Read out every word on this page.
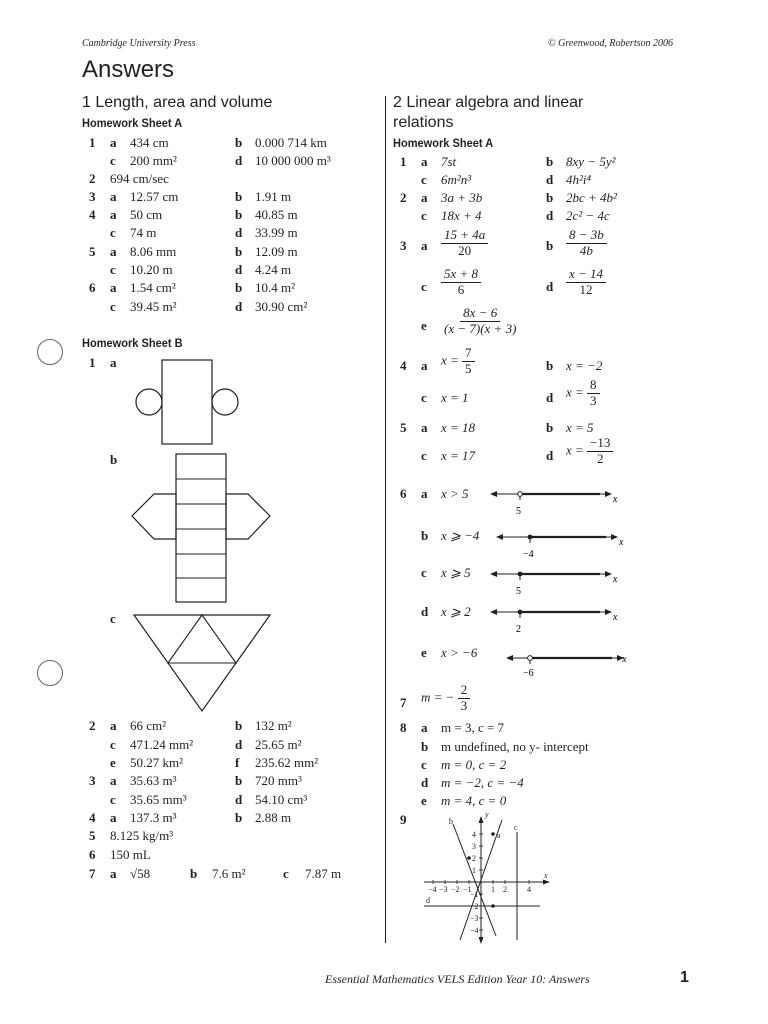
Cambridge University Press	© Greenwood, Robertson 2006
Answers
1 Length, area and volume
Homework Sheet A
1 a 434 cm	b 0.000 714 km
c 200 mm²	d 10 000 000 m³
2 694 cm/sec
3 a 12.57 cm	b 1.91 m
4 a 50 cm	b 40.85 m
c 74 m	d 33.99 m
5 a 8.06 mm	b 12.09 m
c 10.20 m	d 4.24 m
6 a 1.54 cm²	b 10.4 m²
c 39.45 m²	d 30.90 cm²
Homework Sheet B
1 a
b
c
2 a 66 cm²	b 132 m²
c 471.24 mm²	d 25.65 m²
e 50.27 km²	f 235.62 mm²
3 a 35.63 m³	b 720 mm³
c 35.65 mm³	d 54.10 cm³
4 a 137.3 m³	b 2.88 m
5 8.125 kg/m³
6 150 mL
7 a √58	b 7.6 m²	c 7.87 m
2 Linear algebra and linear
relations
Homework Sheet A
1 a 7st	b 8xy − 5y²
c 6m²n³	d 4h²i⁴
2 a 3a + 3b	b 2bc + 4b²
c 18x + 4	d 2c² − 4c
3 a $\frac{15 + 4a}{20}$	b $\frac{8 - 3b}{4b}$
c $\frac{5x + 8}{6}$	d $\frac{x - 14}{12}$
e $\frac{8x - 6}{(x - 7)(x + 3)}$
4 a $x = \frac{7}{5}$	b x = −2
c x = 1	d $x = \frac{8}{3}$
5 a x = 18	b x = 5
c x = 17	d $x = \frac{-13}{2}$
6 a x > 5
5
x
b x ⩾ −4
−4
x
c x ⩾ 5
5
x
d x ⩾ 2
2
x
e x > −6
−6
x
7 m = − $\frac{2}{3}$
8 a m = 3, c = 7
b m undefined, no y- intercept
c m = 0, c = 2
d m = −2, c = −4
e m = 4, c = 0
9
−4 −3 −2 −1 1 2	4
4
3
2
1
−1
−2
−3
−4
y
x
a
b
c
d
Essential Mathematics VELS Edition Year 10: Answers	1
